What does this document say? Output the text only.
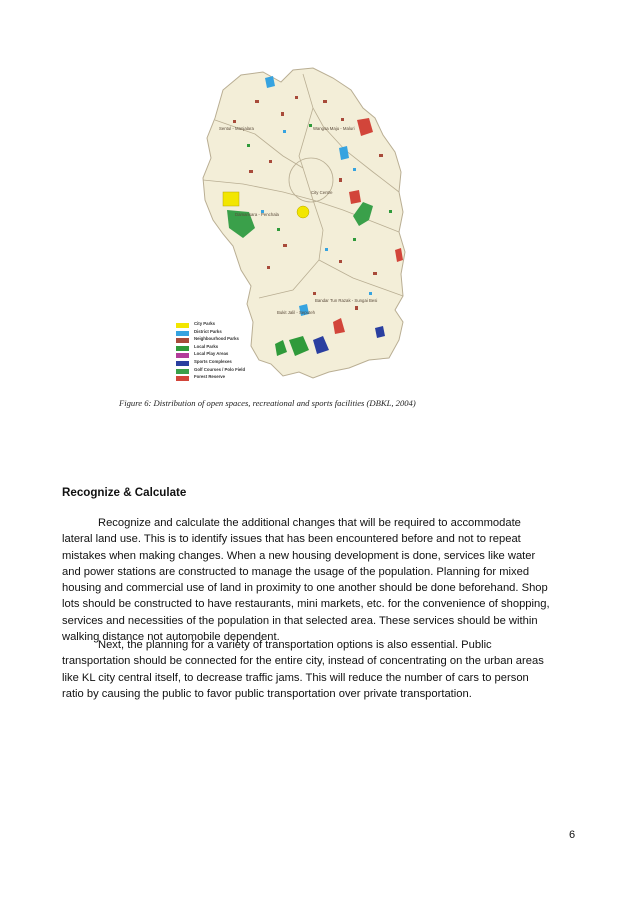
Sentul - Manjalara	Wangsa Maju - Maluri
City Centre
Damansara - Penchala
Bandar Tun Razak - Sungai Besi
Bukit Jalil - Seputeh
City Parks
District Parks
Neighbourhood Parks
Local Parks
Local Play Areas
Sports Complexes
Golf Courses / Polo Field
Forest Reserve
Figure 6: Distribution of open spaces, recreational and sports facilities (DBKL, 2004)
Recognize & Calculate
Recognize and calculate the additional changes that will be required to accommodate
lateral land use. This is to identify issues that has been encountered before and not to repeat
mistakes when making changes. When a new housing development is done, services like water
and power stations are constructed to manage the usage of the population. Planning for mixed
housing and commercial use of land in proximity to one another should be done beforehand. Shop
lots should be constructed to have restaurants, mini markets, etc. for the convenience of shopping,
services and necessities of the population in that selected area. These services should be within
walking distance not automobile dependent.
Next, the planning for a variety of transportation options is also essential. Public
transportation should be connected for the entire city, instead of concentrating on the urban areas
like KL city central itself, to decrease traffic jams. This will reduce the number of cars to person
ratio by causing the public to favor public transportation over private transportation.
6
